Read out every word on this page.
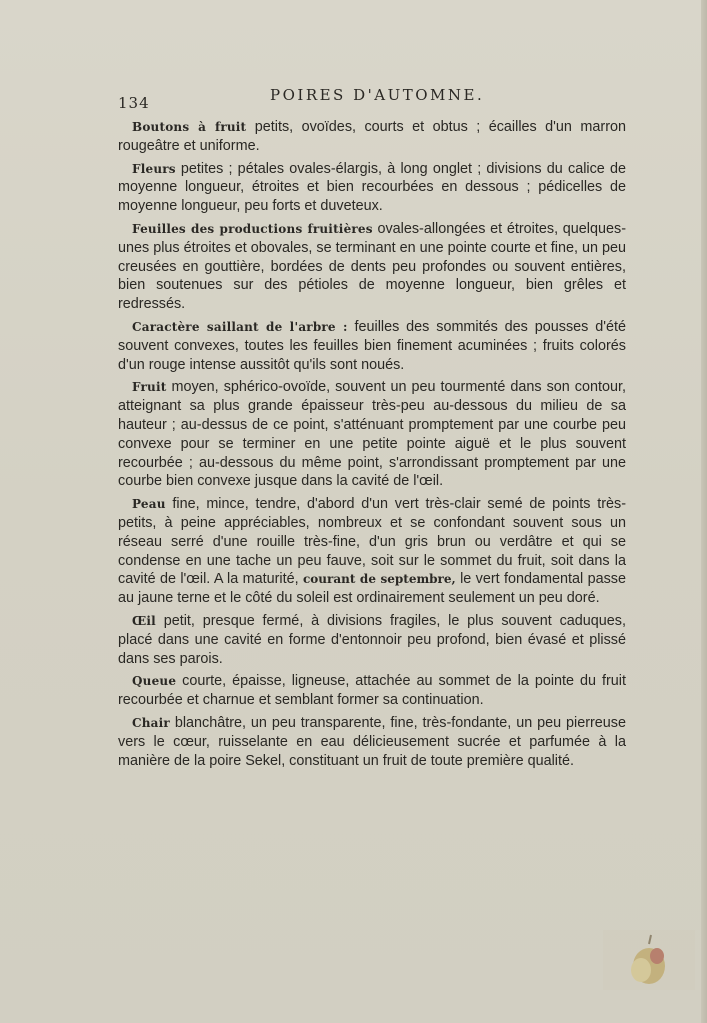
134	POIRES D'AUTOMNE.

Boutons à fruit petits, ovoïdes, courts et obtus ; écailles d'un marron rougeâtre et uniforme.

Fleurs petites ; pétales ovales-élargis, à long onglet ; divisions du calice de moyenne longueur, étroites et bien recourbées en dessous ; pédicelles de moyenne longueur, peu forts et duveteux.

Feuilles des productions fruitières ovales-allongées et étroites, quelques-unes plus étroites et obovales, se terminant en une pointe courte et fine, un peu creusées en gouttière, bordées de dents peu profondes ou souvent entières, bien soutenues sur des pétioles de moyenne longueur, bien grêles et redressés.

Caractère saillant de l'arbre : feuilles des sommités des pousses d'été souvent convexes, toutes les feuilles bien finement acuminées ; fruits colorés d'un rouge intense aussitôt qu'ils sont noués.

Fruit moyen, sphérico-ovoïde, souvent un peu tourmenté dans son contour, atteignant sa plus grande épaisseur très-peu au-dessous du milieu de sa hauteur ; au-dessus de ce point, s'atténuant promptement par une courbe peu convexe pour se terminer en une petite pointe aiguë et le plus souvent recourbée ; au-dessous du même point, s'arrondissant promptement par une courbe bien convexe jusque dans la cavité de l'œil.

Peau fine, mince, tendre, d'abord d'un vert très-clair semé de points très-petits, à peine appréciables, nombreux et se confondant souvent sous un réseau serré d'une rouille très-fine, d'un gris brun ou verdâtre et qui se condense en une tache un peu fauve, soit sur le sommet du fruit, soit dans la cavité de l'œil. A la maturité, courant de septembre, le vert fondamental passe au jaune terne et le côté du soleil est ordinairement seulement un peu doré.

Œil petit, presque fermé, à divisions fragiles, le plus souvent caduques, placé dans une cavité en forme d'entonnoir peu profond, bien évasé et plissé dans ses parois.

Queue courte, épaisse, ligneuse, attachée au sommet de la pointe du fruit recourbée et charnue et semblant former sa continuation.

Chair blanchâtre, un peu transparente, fine, très-fondante, un peu pierreuse vers le cœur, ruisselante en eau délicieusement sucrée et parfumée à la manière de la poire Sekel, constituant un fruit de toute première qualité.
